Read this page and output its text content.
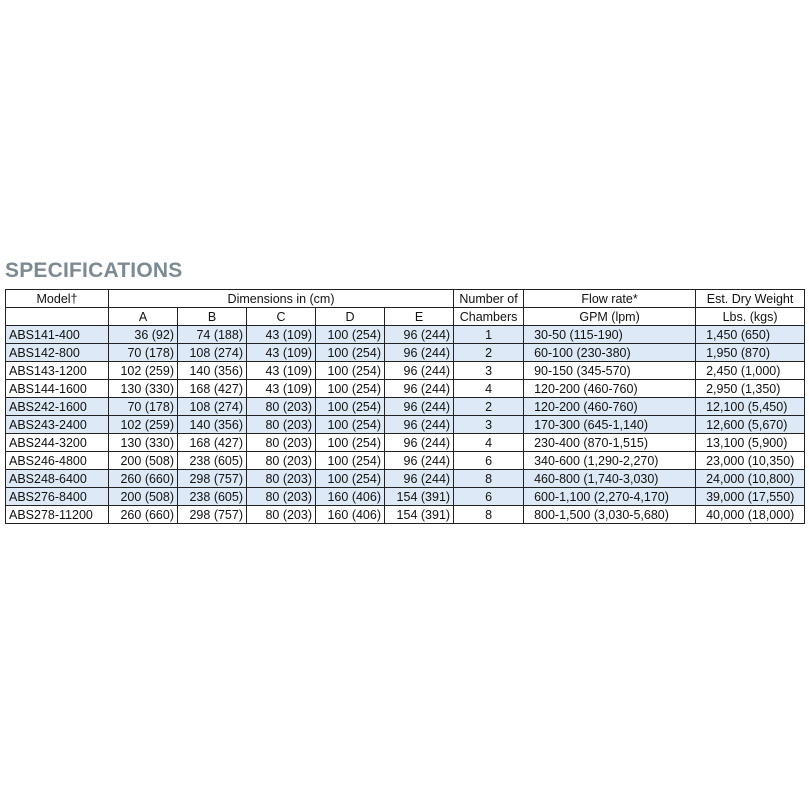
SPECIFICATIONS
Model†	Dimensions in (cm)					Number of	Flow rate*	Est. Dry Weight
	A	B	C	D	E	Chambers	GPM (lpm)	Lbs. (kgs)
ABS141-400	36 (92)	74 (188)	43 (109)	100 (254)	96 (244)	1	30-50 (115-190)	1,450 (650)
ABS142-800	70 (178)	108 (274)	43 (109)	100 (254)	96 (244)	2	60-100 (230-380)	1,950 (870)
ABS143-1200	102 (259)	140 (356)	43 (109)	100 (254)	96 (244)	3	90-150 (345-570)	2,450 (1,000)
ABS144-1600	130 (330)	168 (427)	43 (109)	100 (254)	96 (244)	4	120-200 (460-760)	2,950 (1,350)
ABS242-1600	70 (178)	108 (274)	80 (203)	100 (254)	96 (244)	2	120-200 (460-760)	12,100 (5,450)
ABS243-2400	102 (259)	140 (356)	80 (203)	100 (254)	96 (244)	3	170-300 (645-1,140)	12,600 (5,670)
ABS244-3200	130 (330)	168 (427)	80 (203)	100 (254)	96 (244)	4	230-400 (870-1,515)	13,100 (5,900)
ABS246-4800	200 (508)	238 (605)	80 (203)	100 (254)	96 (244)	6	340-600 (1,290-2,270)	23,000 (10,350)
ABS248-6400	260 (660)	298 (757)	80 (203)	100 (254)	96 (244)	8	460-800 (1,740-3,030)	24,000 (10,800)
ABS276-8400	200 (508)	238 (605)	80 (203)	160 (406)	154 (391)	6	600-1,100 (2,270-4,170)	39,000 (17,550)
ABS278-11200	260 (660)	298 (757)	80 (203)	160 (406)	154 (391)	8	800-1,500 (3,030-5,680)	40,000 (18,000)
